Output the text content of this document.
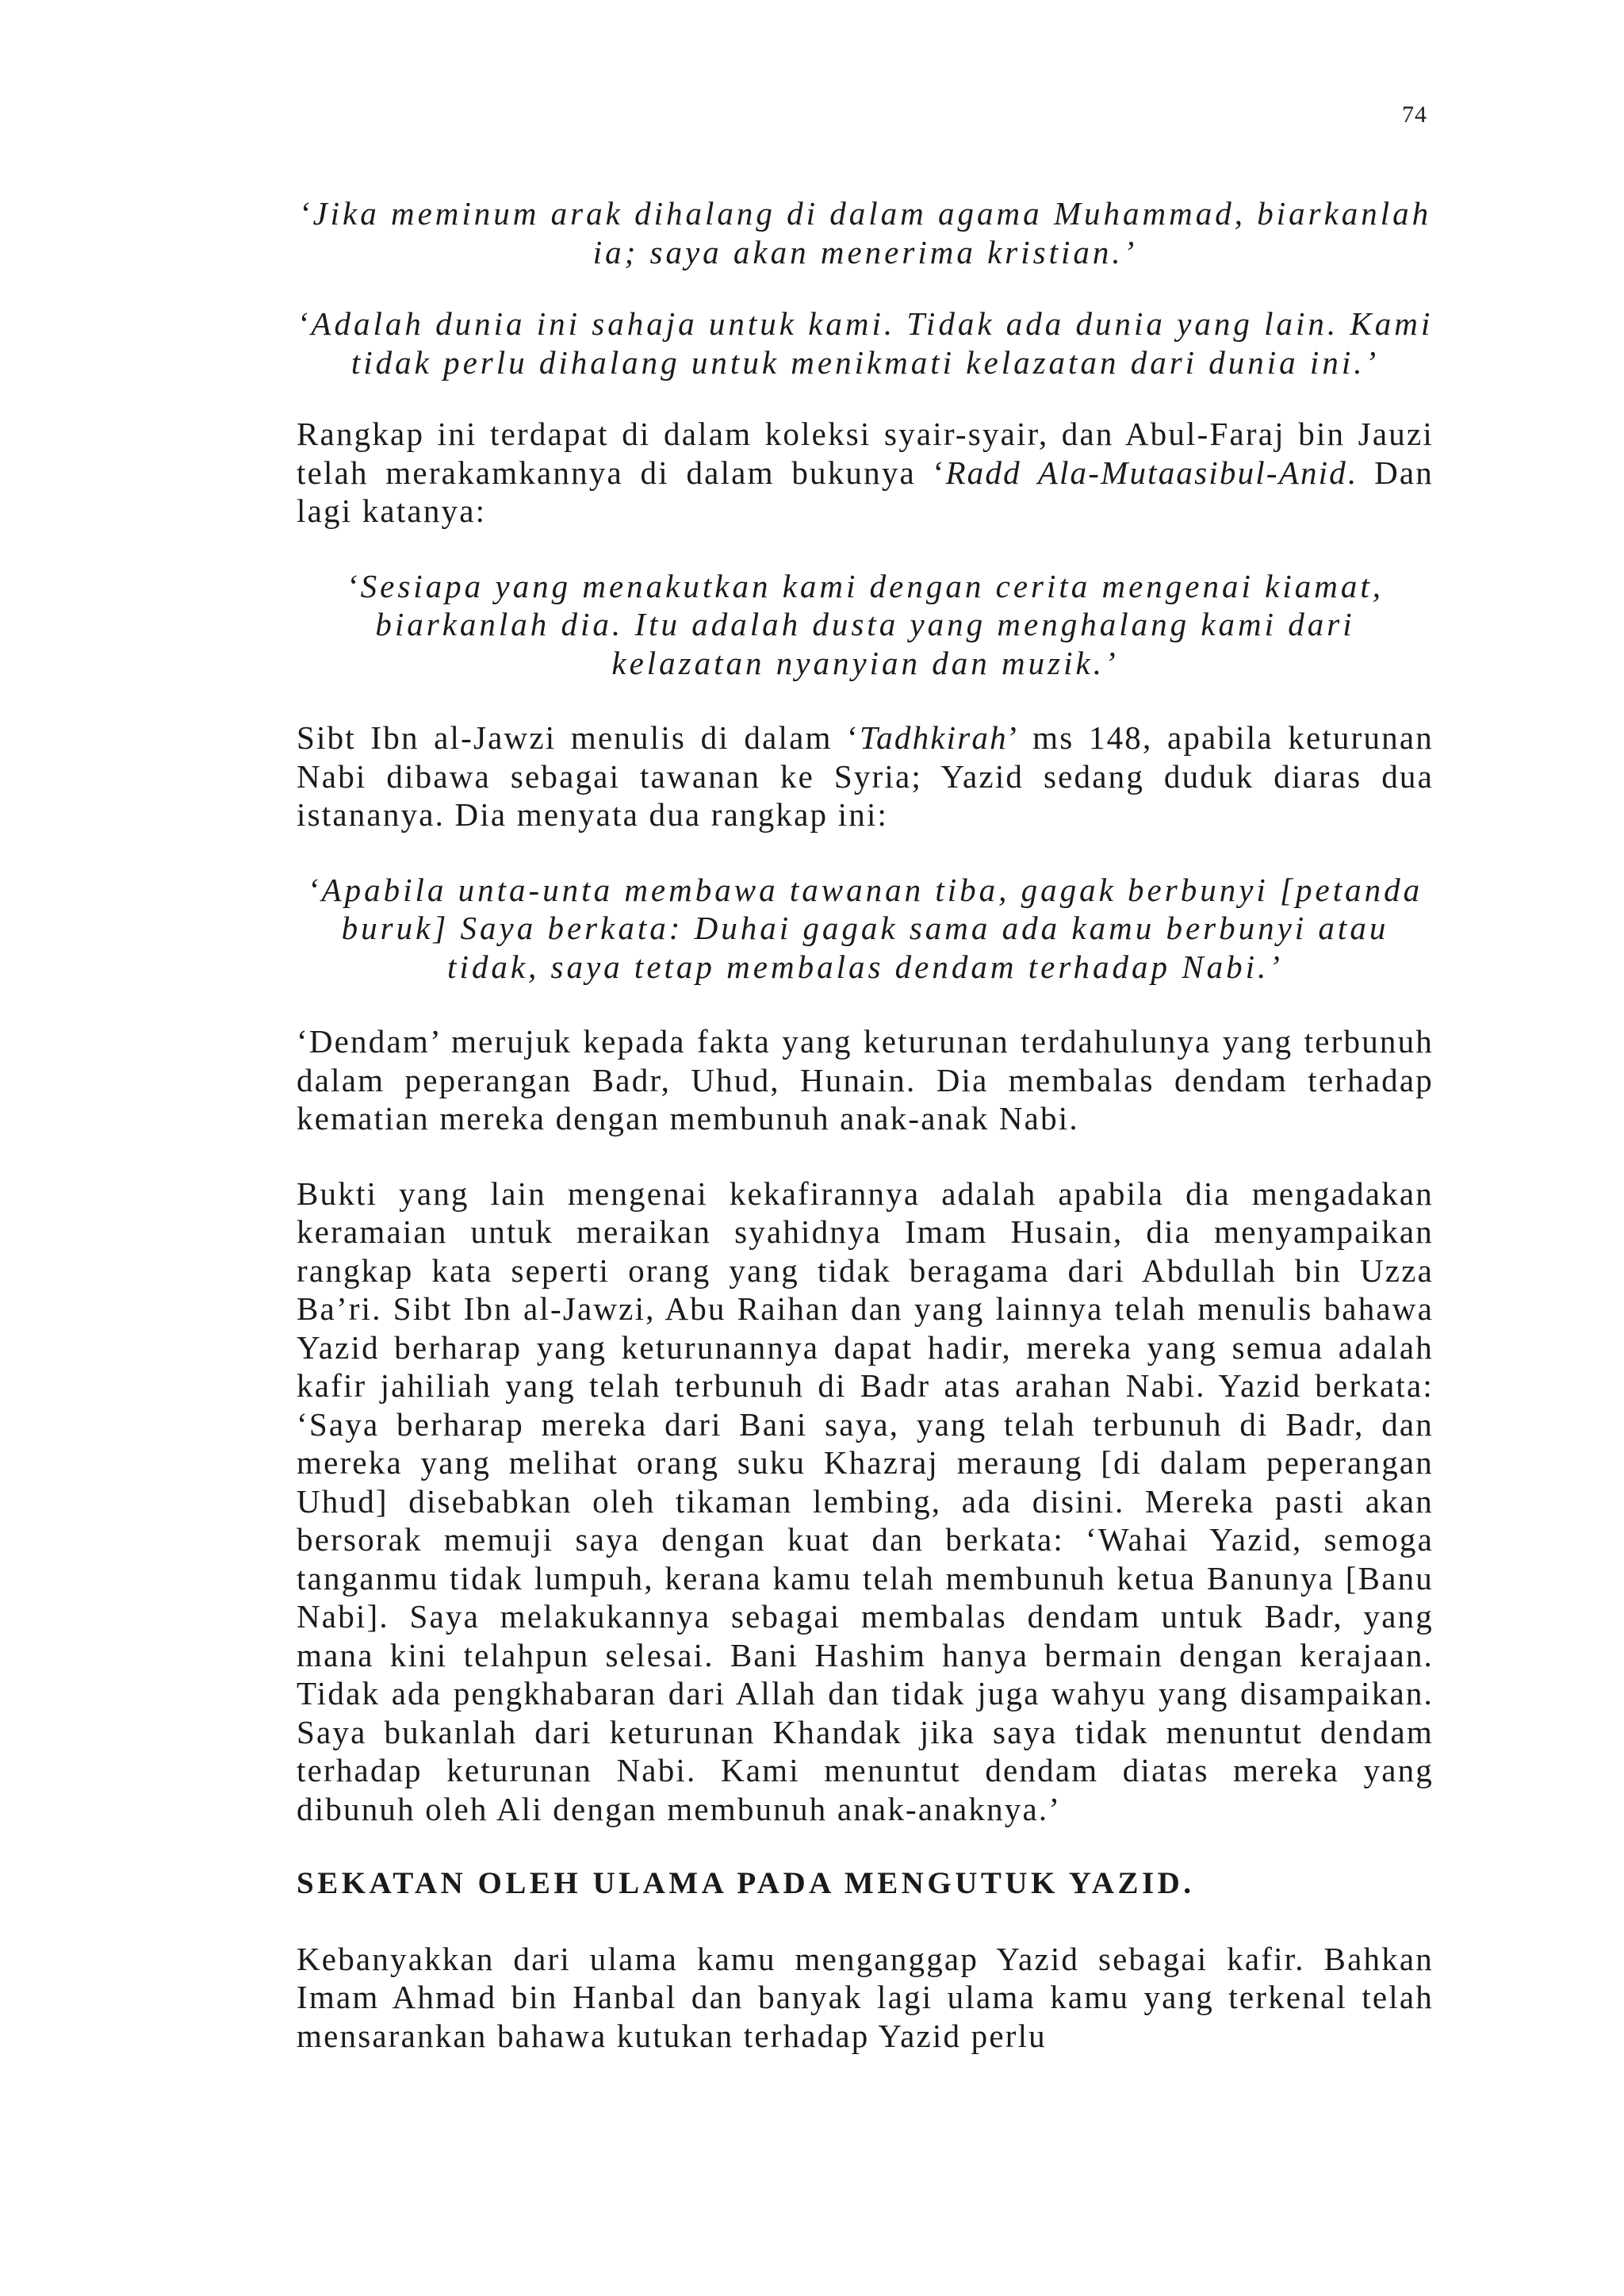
74

‘Jika meminum arak dihalang di dalam agama Muhammad, biarkanlah ia; saya akan menerima kristian.’

‘Adalah dunia ini sahaja untuk kami. Tidak ada dunia yang lain. Kami tidak perlu dihalang untuk menikmati kelazatan dari dunia ini.’

Rangkap ini terdapat di dalam koleksi syair-syair, dan Abul-Faraj bin Jauzi telah merakamkannya di dalam bukunya ‘Radd Ala-Mutaasibul-Anid. Dan lagi katanya:

‘Sesiapa yang menakutkan kami dengan cerita mengenai kiamat, biarkanlah dia. Itu adalah dusta yang menghalang kami dari kelazatan nyanyian dan muzik.’

Sibt Ibn al-Jawzi menulis di dalam ‘Tadhkirah’ ms 148, apabila keturunan Nabi dibawa sebagai tawanan ke Syria; Yazid sedang duduk diaras dua istananya. Dia menyata dua rangkap ini:

‘Apabila unta-unta membawa tawanan tiba, gagak berbunyi [petanda buruk] Saya berkata: Duhai gagak sama ada kamu berbunyi atau tidak, saya tetap membalas dendam terhadap Nabi.’

‘Dendam’ merujuk kepada fakta yang keturunan terdahulunya yang terbunuh dalam peperangan Badr, Uhud, Hunain. Dia membalas dendam terhadap kematian mereka dengan membunuh anak-anak Nabi.

Bukti yang lain mengenai kekafirannya adalah apabila dia mengadakan keramaian untuk meraikan syahidnya Imam Husain, dia menyampaikan rangkap kata seperti orang yang tidak beragama dari Abdullah bin Uzza Ba’ri. Sibt Ibn al-Jawzi, Abu Raihan dan yang lainnya telah menulis bahawa Yazid berharap yang keturunannya dapat hadir, mereka yang semua adalah kafir jahiliah yang telah terbunuh di Badr atas arahan Nabi. Yazid berkata: ‘Saya berharap mereka dari Bani saya, yang telah terbunuh di Badr, dan mereka yang melihat orang suku Khazraj meraung [di dalam peperangan Uhud] disebabkan oleh tikaman lembing, ada disini. Mereka pasti akan bersorak memuji saya dengan kuat dan berkata: ‘Wahai Yazid, semoga tanganmu tidak lumpuh, kerana kamu telah membunuh ketua Banunya [Banu Nabi]. Saya melakukannya sebagai membalas dendam untuk Badr, yang mana kini telahpun selesai. Bani Hashim hanya bermain dengan kerajaan. Tidak ada pengkhabaran dari Allah dan tidak juga wahyu yang disampaikan. Saya bukanlah dari keturunan Khandak jika saya tidak menuntut dendam terhadap keturunan Nabi. Kami menuntut dendam diatas mereka yang dibunuh oleh Ali dengan membunuh anak-anaknya.’

SEKATAN OLEH ULAMA PADA MENGUTUK YAZID.

Kebanyakkan dari ulama kamu menganggap Yazid sebagai kafir. Bahkan Imam Ahmad bin Hanbal dan banyak lagi ulama kamu yang terkenal telah mensarankan bahawa kutukan terhadap Yazid perlu
